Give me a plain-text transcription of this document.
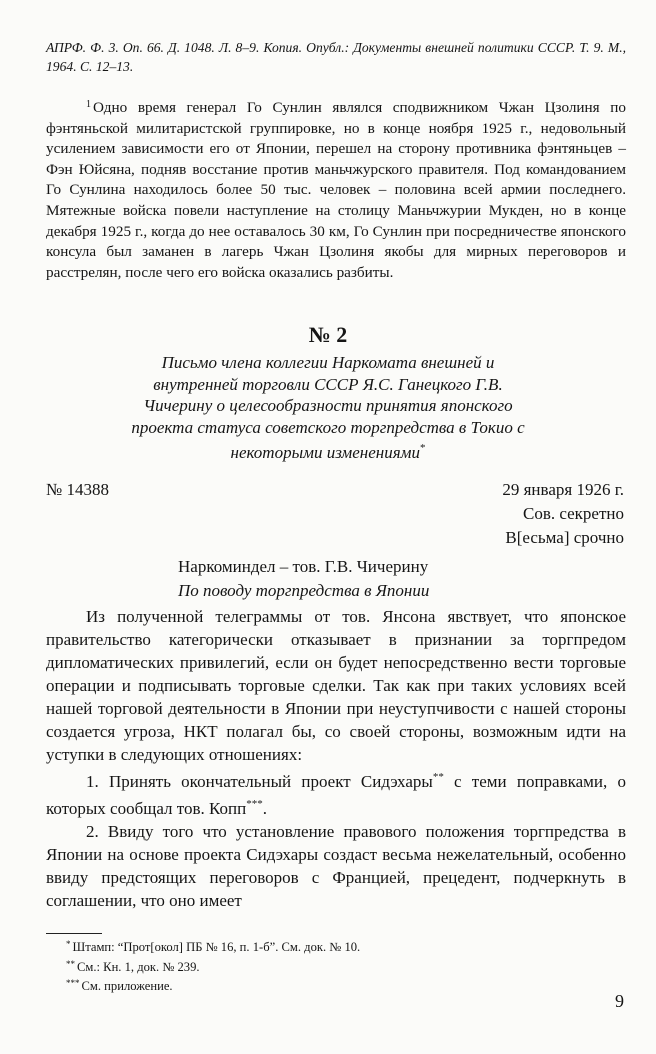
АПРФ. Ф. 3. Оп. 66. Д. 1048. Л. 8–9. Копия. Опубл.: Документы внешней политики СССР. Т. 9. М., 1964. С. 12–13.
$^1$ Одно время генерал Го Сунлин являлся сподвижником Чжан Цзолиня по фэнтяньской милитаристской группировке, но в конце ноября 1925 г., недовольный усилением зависимости его от Японии, перешел на сторону противника фэнтяньцев – Фэн Юйсяна, подняв восстание против маньчжурского правителя. Под командованием Го Сунлина находилось более 50 тыс. человек – половина всей армии последнего. Мятежные войска повели наступление на столицу Маньчжурии Мукден, но в конце декабря 1925 г., когда до нее оставалось 30 км, Го Сунлин при посредничестве японского консула был заманен в лагерь Чжан Цзолиня якобы для мирных переговоров и расстрелян, после чего его войска оказались разбиты.
№ 2
Письмо члена коллегии Наркомата внешней и внутренней торговли СССР Я.С. Ганецкого Г.В. Чичерину о целесообразности принятия японского проекта статуса советского торгпредства в Токио с некоторыми изменениями*
№ 14388	29 января 1926 г.
Сов. секретно
В[есьма] срочно
Наркоминдел – тов. Г.В. Чичерину
По поводу торгпредства в Японии

Из полученной телеграммы от тов. Янсона явствует, что японское правительство категорически отказывает в признании за торгпредом дипломатических привилегий, если он будет непосредственно вести торговые операции и подписывать торговые сделки. Так как при таких условиях всей нашей торговой деятельности в Японии при неуступчивости с нашей стороны создается угроза, НКТ полагал бы, со своей стороны, возможным идти на уступки в следующих отношениях:

1. Принять окончательный проект Сидэхары** с теми поправками, о которых сообщал тов. Копп***.

2. Ввиду того что установление правового положения торгпредства в Японии на основе проекта Сидэхары создаст весьма нежелательный, особенно ввиду предстоящих переговоров с Францией, прецедент, подчеркнуть в соглашении, что оно имеет

* Штамп: “Прот[окол] ПБ № 16, п. 1-б”. См. док. № 10.
** См.: Кн. 1, док. № 239.
*** См. приложение.
9
